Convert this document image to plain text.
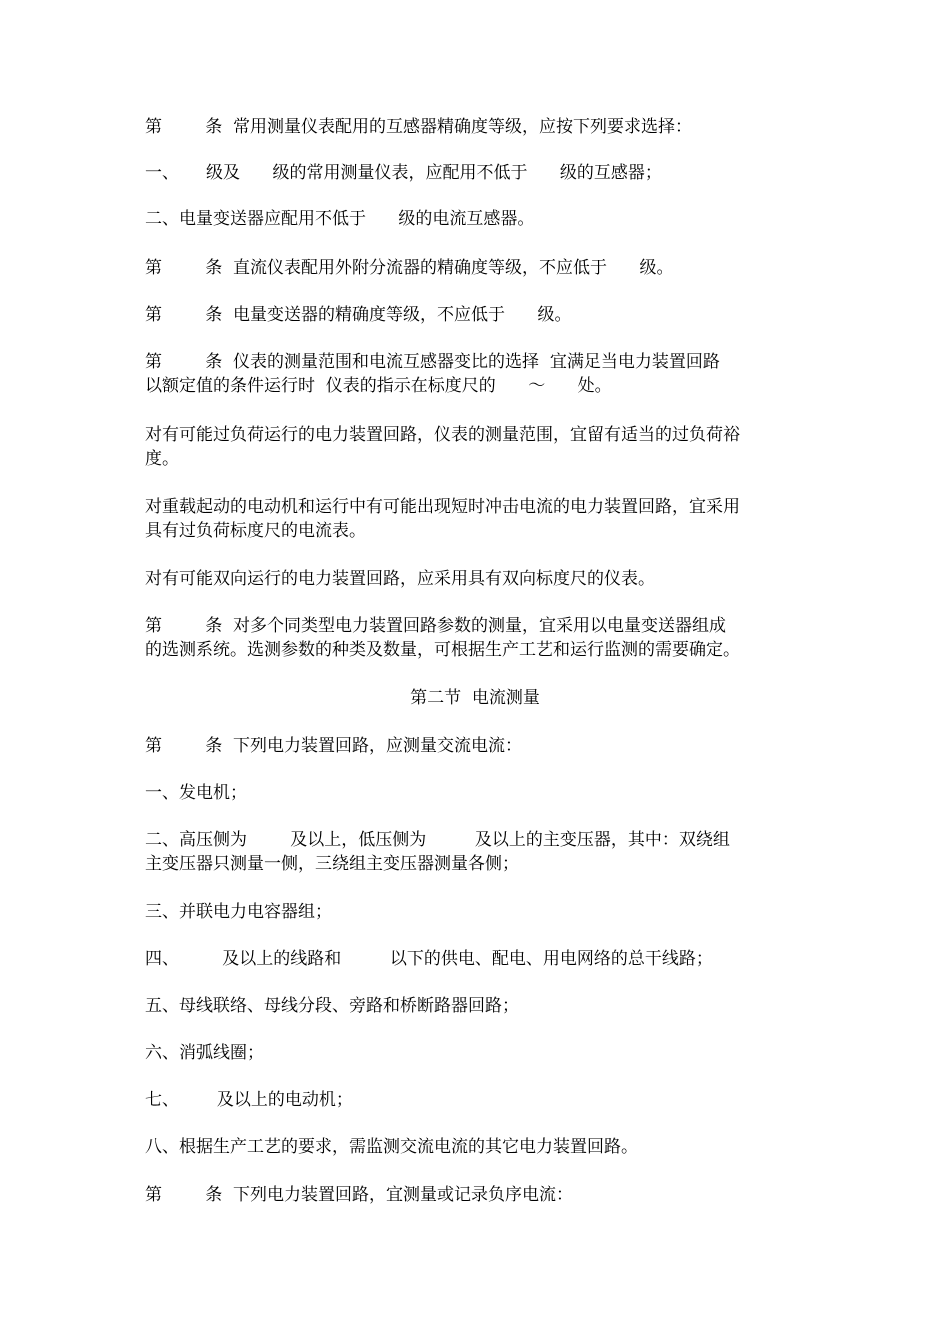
第        条  常用测量仪表配用的互感器精确度等级，应按下列要求选择：
一、     级及      级的常用测量仪表，应配用不低于      级的互感器；
二、电量变送器应配用不低于      级的电流互感器。
第        条  直流仪表配用外附分流器的精确度等级，不应低于      级。
第        条  电量变送器的精确度等级，不应低于      级。
第        条  仪表的测量范围和电流互感器变比的选择  宜满足当电力装置回路
以额定值的条件运行时  仪表的指示在标度尺的      ～      处。
对有可能过负荷运行的电力装置回路，仪表的测量范围，宜留有适当的过负荷裕
度。
对重载起动的电动机和运行中有可能出现短时冲击电流的电力装置回路，宜采用
具有过负荷标度尺的电流表。
对有可能双向运行的电力装置回路，应采用具有双向标度尺的仪表。
第        条  对多个同类型电力装置回路参数的测量，宜采用以电量变送器组成
的选测系统。选测参数的种类及数量，可根据生产工艺和运行监测的需要确定。
第二节  电流测量
第        条  下列电力装置回路，应测量交流电流：
一、发电机；
二、高压侧为        及以上，低压侧为         及以上的主变压器，其中：双绕组
主变压器只测量一侧，三绕组主变压器测量各侧；
三、并联电力电容器组；
四、        及以上的线路和         以下的供电、配电、用电网络的总干线路；
五、母线联络、母线分段、旁路和桥断路器回路；
六、消弧线圈；
七、       及以上的电动机；
八、根据生产工艺的要求，需监测交流电流的其它电力装置回路。
第        条  下列电力装置回路，宜测量或记录负序电流：
